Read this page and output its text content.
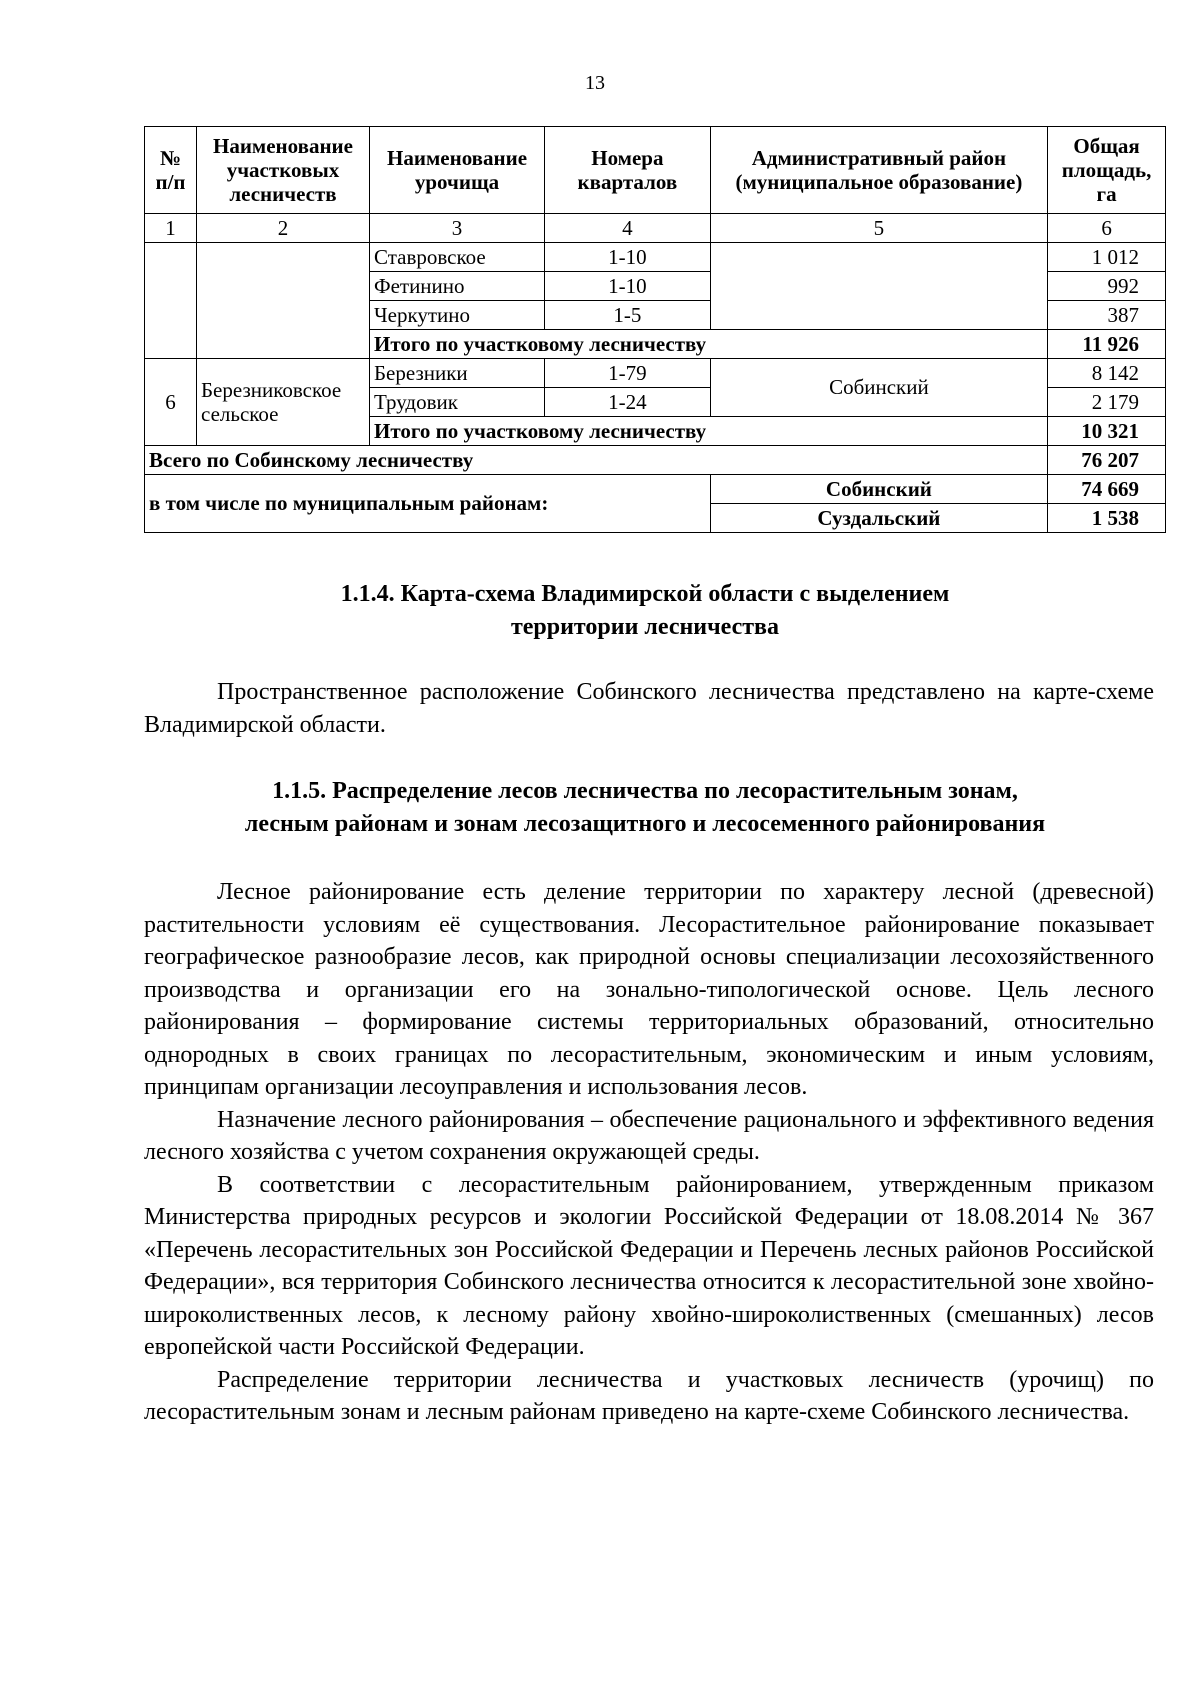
13
№ п/п	Наименование участковых лесничеств	Наименование урочища	Номера кварталов	Административный район (муниципальное образование)	Общая площадь, га
1	2	3	4	5	6
		Ставровское	1-10		1 012
		Фетинино	1-10		992
		Черкутино	1-5		387
		Итого по участковому лесничеству			11 926
6	Березниковское сельское	Березники	1-79	Собинский	8 142
		Трудовик	1-24		2 179
		Итого по участковому лесничеству			10 321
Всего по Собинскому лесничеству					76 207
в том числе по муниципальным районам:				Собинский	74 669
				Суздальский	1 538
1.1.4. Карта-схема Владимирской области с выделением
территории лесничества

Пространственное расположение Собинского лесничества представлено на карте-схеме Владимирской области.

1.1.5. Распределение лесов лесничества по лесорастительным зонам,
лесным районам и зонам лесозащитного и лесосеменного районирования

Лесное районирование есть деление территории по характеру лесной (древесной) растительности условиям её существования. Лесорастительное районирование показывает географическое разнообразие лесов, как природной основы специализации лесохозяйственного производства и организации его на зонально-типологической основе. Цель лесного районирования – формирование системы территориальных образований, относительно однородных в своих границах по лесорастительным, экономическим и иным условиям, принципам организации лесоуправления и использования лесов.

Назначение лесного районирования – обеспечение рационального и эффективного ведения лесного хозяйства с учетом сохранения окружающей среды.

В соответствии с лесорастительным районированием, утвержденным приказом Министерства природных ресурсов и экологии Российской Федерации от 18.08.2014 № 367 «Перечень лесорастительных зон Российской Федерации и Перечень лесных районов Российской Федерации», вся территория Собинского лесничества относится к лесорастительной зоне хвойно-широколиственных лесов, к лесному району хвойно-широколиственных (смешанных) лесов европейской части Российской Федерации.

Распределение территории лесничества и участковых лесничеств (урочищ) по лесорастительным зонам и лесным районам приведено на карте-схеме Собинского лесничества.
